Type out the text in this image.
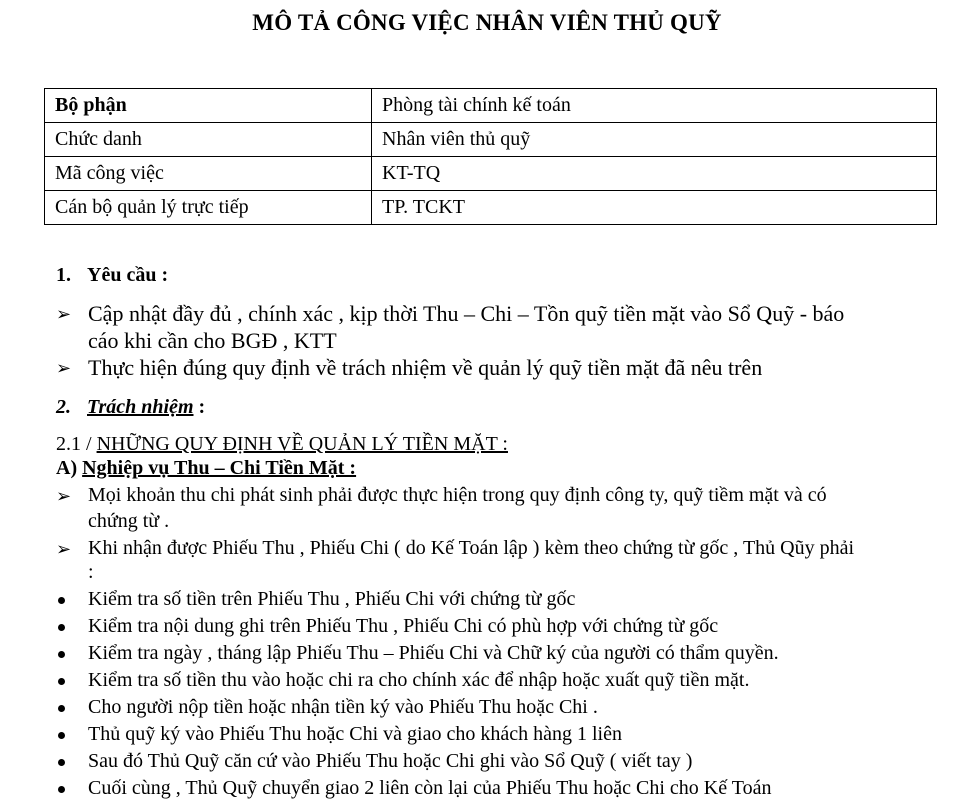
MÔ TẢ CÔNG VIỆC NHÂN VIÊN THỦ QUỸ
Bộ phận	Phòng tài chính kế toán
Chức danh	Nhân viên thủ quỹ
Mã công việc	KT-TQ
Cán bộ quản lý trực tiếp	TP. TCKT
1. Yêu cầu :
➢ Cập nhật đầy đủ , chính xác , kịp thời Thu – Chi – Tồn quỹ tiền mặt vào Sổ Quỹ - báo
cáo khi cần cho BGĐ , KTT
➢ Thực hiện đúng quy định về trách nhiệm về quản lý quỹ tiền mặt đã nêu trên
2. Trách nhiệm :
2.1 / NHỮNG QUY ĐỊNH VỀ QUẢN LÝ TIỀN MẶT :
A) Nghiệp vụ Thu – Chi Tiền Mặt :
➢ Mọi khoản thu chi phát sinh phải được thực hiện trong quy định công ty, quỹ tiềm mặt và có
chứng từ .
➢ Khi nhận được Phiếu Thu , Phiếu Chi ( do Kế Toán lập ) kèm theo chứng từ gốc , Thủ Qũy phải
:
Kiểm tra số tiền trên Phiếu Thu , Phiếu Chi với chứng từ gốc
Kiểm tra nội dung ghi trên Phiếu Thu , Phiếu Chi có phù hợp với chứng từ gốc
Kiểm tra ngày , tháng lập Phiếu Thu – Phiếu Chi và Chữ ký của người có thẩm quyền.
Kiểm tra số tiền thu vào hoặc chi ra cho chính xác để nhập hoặc xuất quỹ tiền mặt.
Cho người nộp tiền hoặc nhận tiền ký vào Phiếu Thu hoặc Chi .
Thủ quỹ ký vào Phiếu Thu hoặc Chi và giao cho khách hàng 1 liên
Sau đó Thủ Quỹ căn cứ vào Phiếu Thu hoặc Chi ghi vào Sổ Quỹ ( viết tay )
Cuối cùng , Thủ Quỹ chuyển giao 2 liên còn lại của Phiếu Thu hoặc Chi cho Kế Toán
